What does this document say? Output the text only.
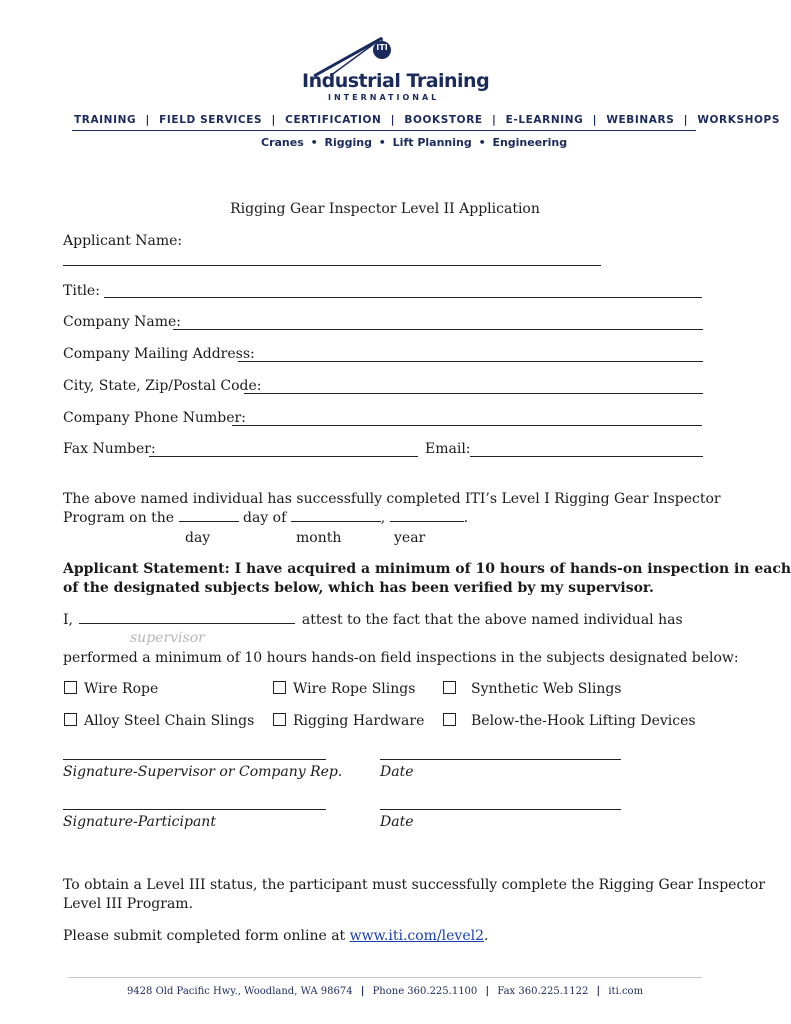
ITI
Industrial Training
INTERNATIONAL
TRAINING | FIELD SERVICES | CERTIFICATION | BOOKSTORE | E-LEARNING | WEBINARS | WORKSHOPS
Cranes • Rigging • Lift Planning • Engineering
Rigging Gear Inspector Level II Application
Applicant Name:
Title:
Company Name:
Company Mailing Address:
City, State, Zip/Postal Code:
Company Phone Number:
Fax Number:	Email:
The above named individual has successfully completed ITI’s Level I Rigging Gear Inspector
Program on the	day of	,	.
day	month	year
Applicant Statement: I have acquired a minimum of 10 hours of hands-on inspection in each
of the designated subjects below, which has been verified by my supervisor.
I,	attest to the fact that the above named individual has
supervisor
performed a minimum of 10 hours hands-on field inspections in the subjects designated below:
Wire Rope	Wire Rope Slings	Synthetic Web Slings
Alloy Steel Chain Slings	Rigging Hardware	Below-the-Hook Lifting Devices
Signature-Supervisor or Company Rep.	Date
Signature-Participant	Date
To obtain a Level III status, the participant must successfully complete the Rigging Gear Inspector
Level III Program.
Please submit completed form online at www.iti.com/level2.
9428 Old Pacific Hwy., Woodland, WA 98674 | Phone 360.225.1100 | Fax 360.225.1122 | iti.com
